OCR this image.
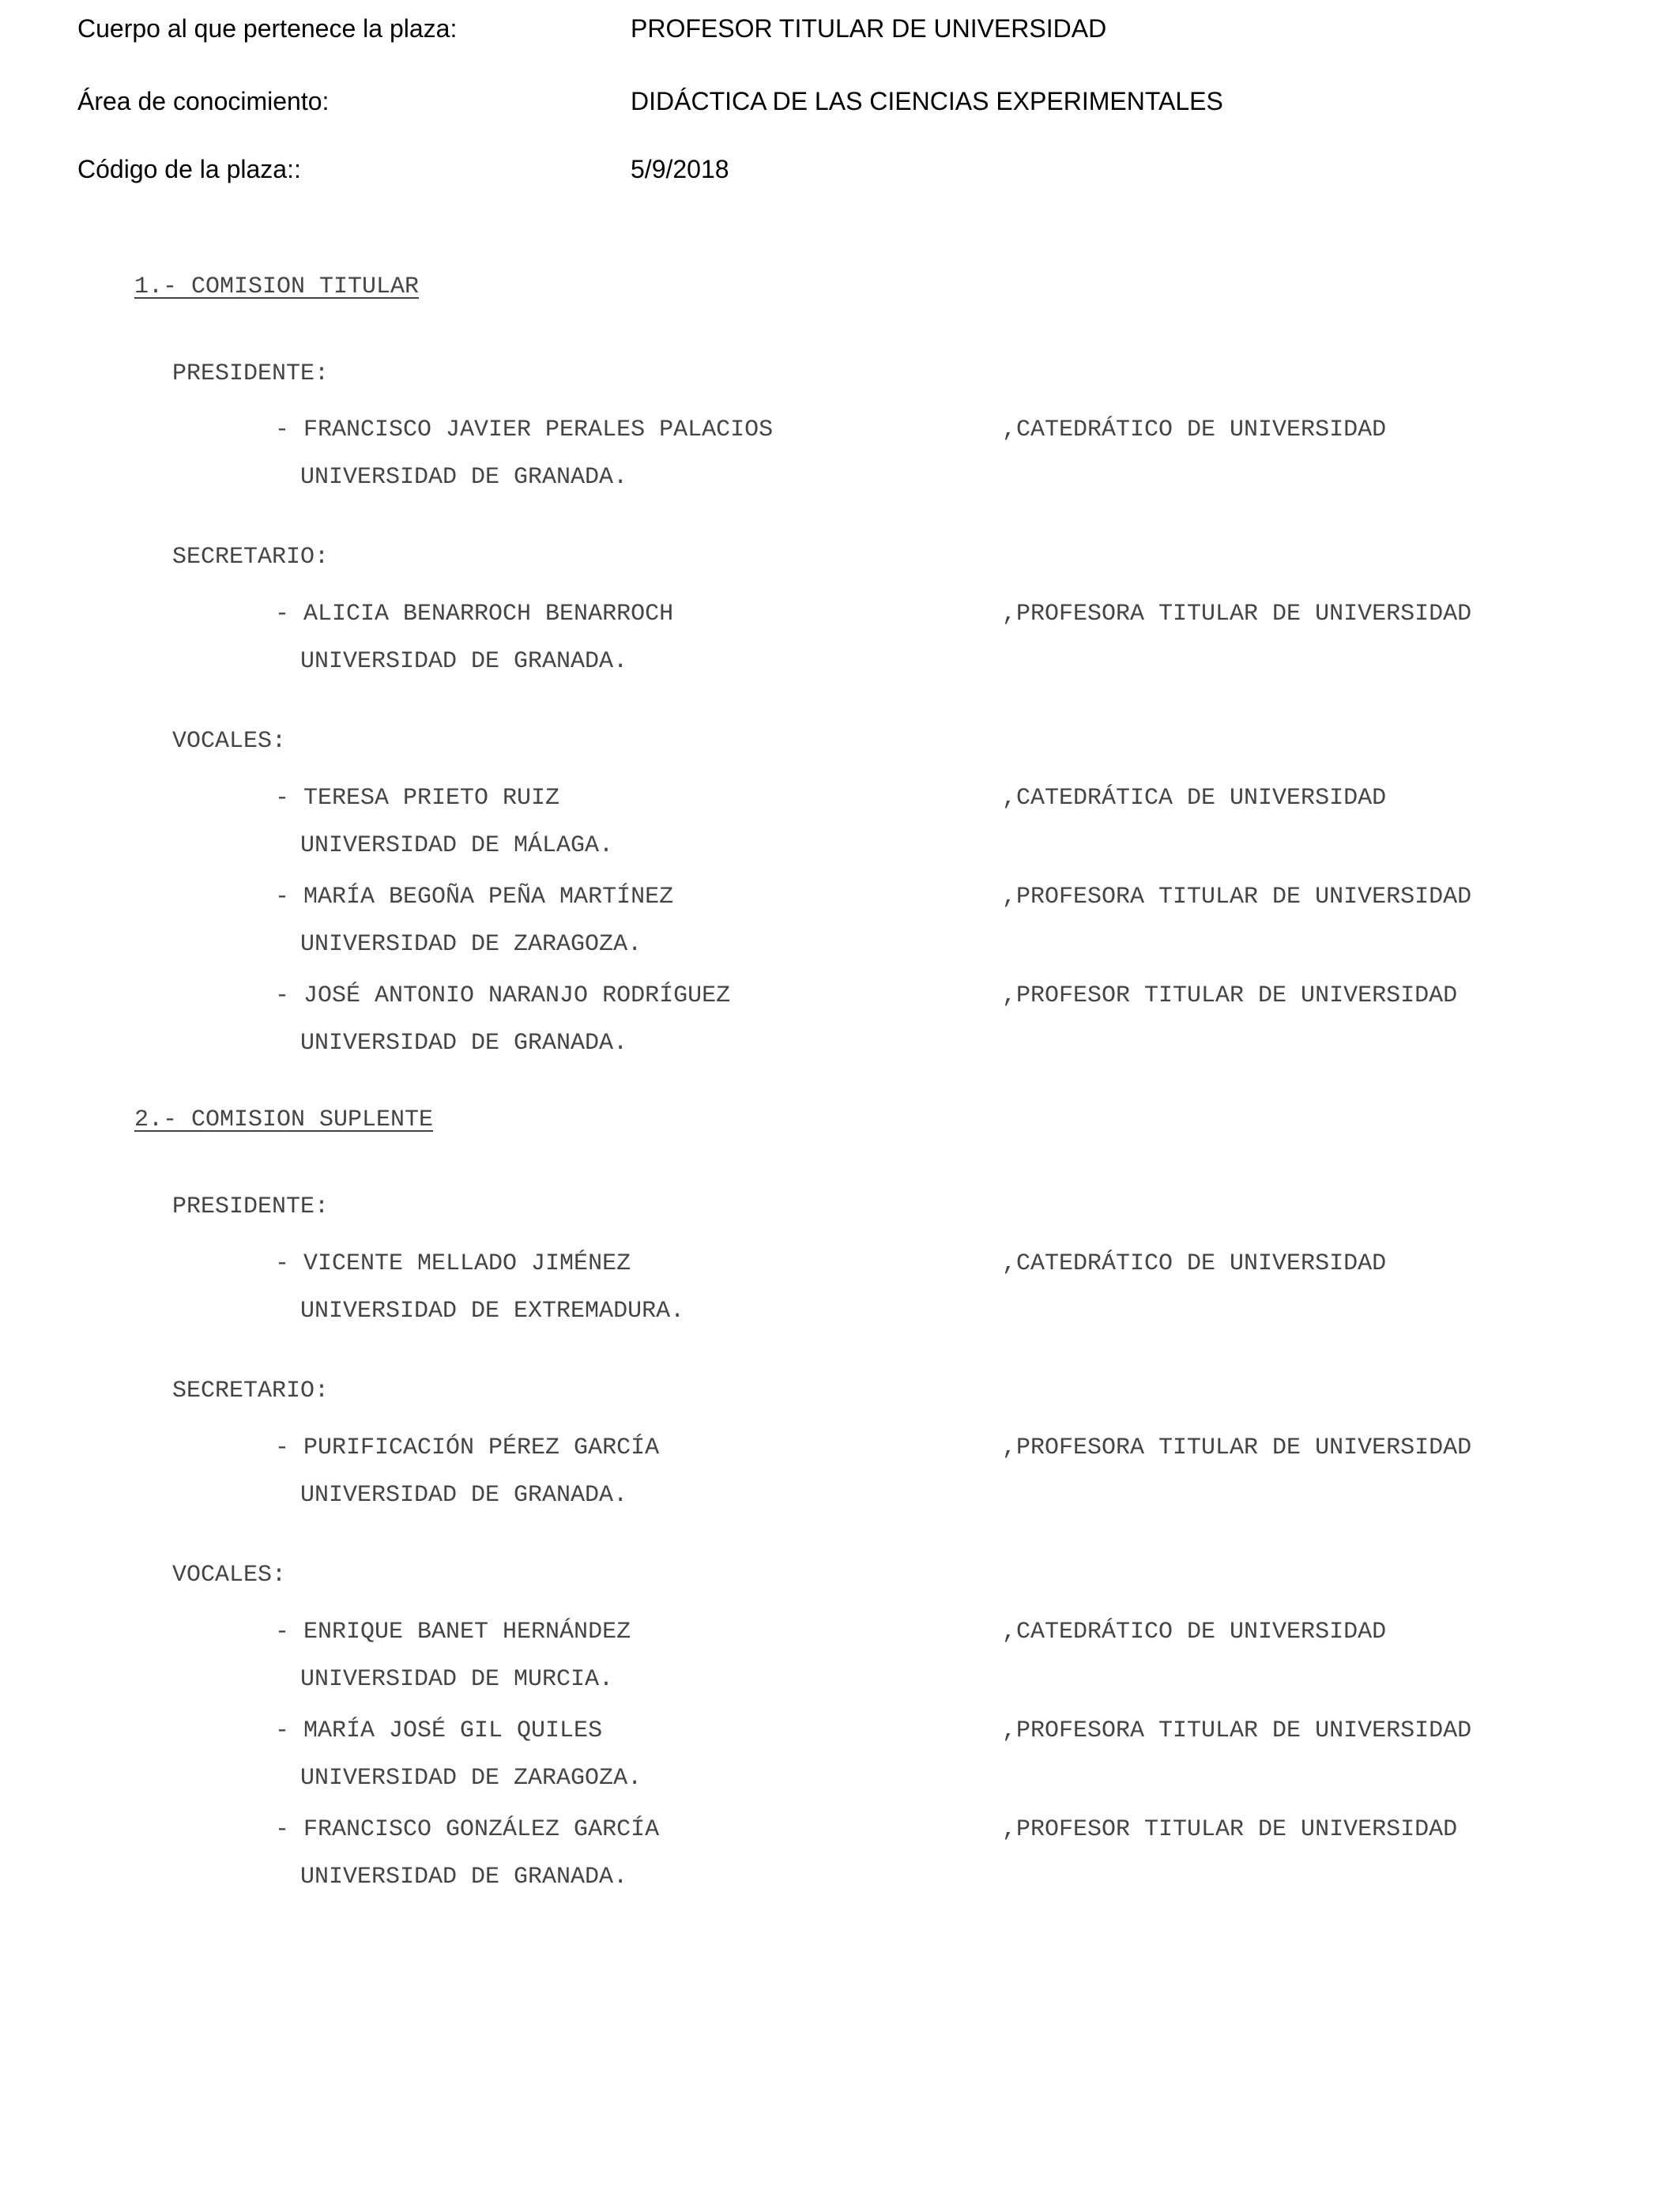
Cuerpo al que pertenece la plaza:	PROFESOR TITULAR DE UNIVERSIDAD
Área de conocimiento:	DIDÁCTICA DE LAS CIENCIAS EXPERIMENTALES
Código de la plaza::	5/9/2018
1.- COMISION TITULAR
PRESIDENTE:
- FRANCISCO JAVIER PERALES PALACIOS	,CATEDRÁTICO DE UNIVERSIDAD
UNIVERSIDAD DE GRANADA.
SECRETARIO:
- ALICIA BENARROCH BENARROCH	,PROFESORA TITULAR DE UNIVERSIDAD
UNIVERSIDAD DE GRANADA.
VOCALES:
- TERESA PRIETO RUIZ	,CATEDRÁTICA DE UNIVERSIDAD
UNIVERSIDAD DE MÁLAGA.
- MARÍA BEGOÑA PEÑA MARTÍNEZ	,PROFESORA TITULAR DE UNIVERSIDAD
UNIVERSIDAD DE ZARAGOZA.
- JOSÉ ANTONIO NARANJO RODRÍGUEZ	,PROFESOR TITULAR DE UNIVERSIDAD
UNIVERSIDAD DE GRANADA.
2.- COMISION SUPLENTE
PRESIDENTE:
- VICENTE MELLADO JIMÉNEZ	,CATEDRÁTICO DE UNIVERSIDAD
UNIVERSIDAD DE EXTREMADURA.
SECRETARIO:
- PURIFICACIÓN PÉREZ GARCÍA	,PROFESORA TITULAR DE UNIVERSIDAD
UNIVERSIDAD DE GRANADA.
VOCALES:
- ENRIQUE BANET HERNÁNDEZ	,CATEDRÁTICO DE UNIVERSIDAD
UNIVERSIDAD DE MURCIA.
- MARÍA JOSÉ GIL QUILES	,PROFESORA TITULAR DE UNIVERSIDAD
UNIVERSIDAD DE ZARAGOZA.
- FRANCISCO GONZÁLEZ GARCÍA	,PROFESOR TITULAR DE UNIVERSIDAD
UNIVERSIDAD DE GRANADA.
